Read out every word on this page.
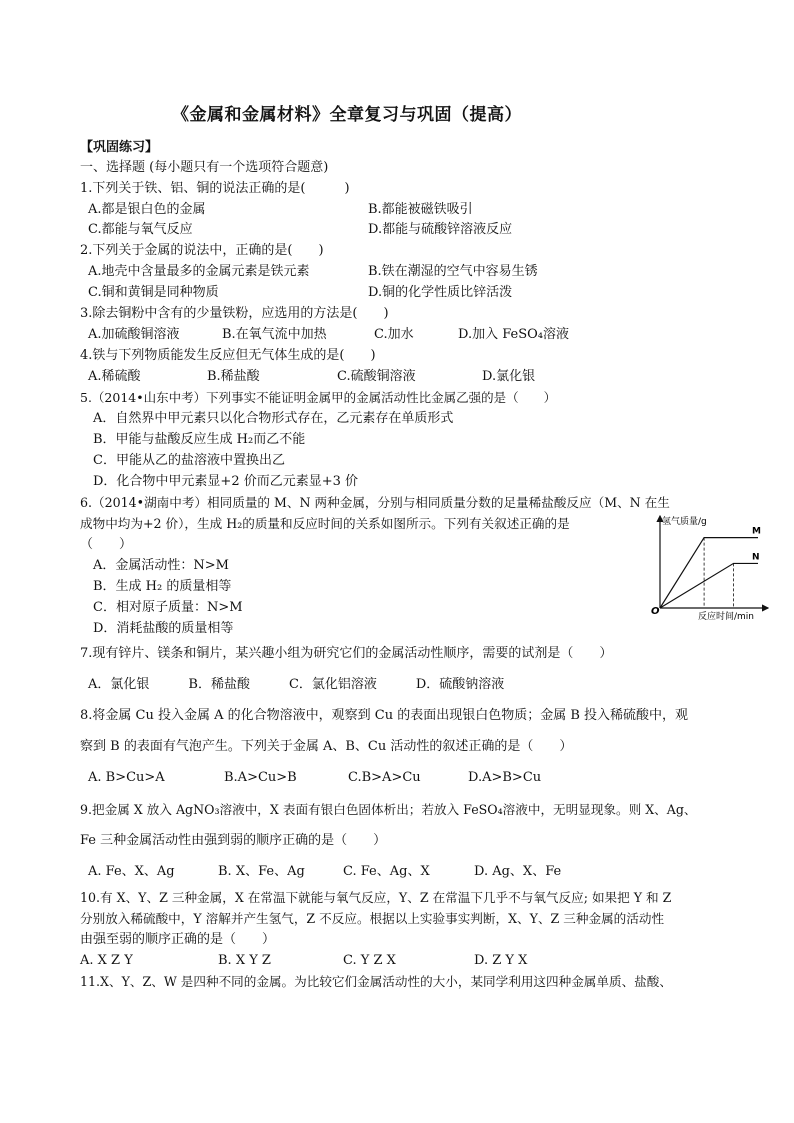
《金属和金属材料》全章复习与巩固（提高）
【巩固练习】
一、选择题 (每小题只有一个选项符合题意)
1.下列关于铁、铝、铜的说法正确的是(　　　)
A.都是银白色的金属	B.都能被磁铁吸引
C.都能与氧气反应	D.都能与硫酸锌溶液反应
2.下列关于金属的说法中，正确的是(　　)
A.地壳中含量最多的金属元素是铁元素	B.铁在潮湿的空气中容易生锈
C.铜和黄铜是同种物质	D.铜的化学性质比锌活泼
3.除去铜粉中含有的少量铁粉，应选用的方法是(　　)
A.加硫酸铜溶液	B.在氧气流中加热	C.加水	D.加入 FeSO₄溶液
4.铁与下列物质能发生反应但无气体生成的是(　　)
A.稀硫酸	B.稀盐酸	C.硫酸铜溶液	D.氯化银
5.（2014•山东中考）下列事实不能证明金属甲的金属活动性比金属乙强的是（　　）
A．自然界中甲元素只以化合物形式存在，乙元素存在单质形式
B．甲能与盐酸反应生成 H₂而乙不能
C．甲能从乙的盐溶液中置换出乙
D．化合物中甲元素显+2 价而乙元素显+3 价
6.（2014•湖南中考）相同质量的 M、N 两种金属，分别与相同质量分数的足量稀盐酸反应（M、N 在生
成物中均为+2 价），生成 H₂的质量和反应时间的关系如图所示。下列有关叙述正确的是
（　　）
A．金属活动性：N>M
B．生成 H₂ 的质量相等
C．相对原子质量：N>M
D．消耗盐酸的质量相等
氢气质量/g
反应时间/min
O
M
N
7.现有锌片、镁条和铜片，某兴趣小组为研究它们的金属活动性顺序，需要的试剂是（　　）
A．氯化银　　　B．稀盐酸　　　C．氯化铝溶液　　　D．硫酸钠溶液
8.将金属 Cu 投入金属 A 的化合物溶液中，观察到 Cu 的表面出现银白色物质；金属 B 投入稀硫酸中，观
察到 B 的表面有气泡产生。下列关于金属 A、B、Cu 活动性的叙述正确的是（　　）
A. B>Cu>A	B.A>Cu>B	C.B>A>Cu	D.A>B>Cu
9.把金属 X 放入 AgNO₃溶液中，X 表面有银白色固体析出；若放入 FeSO₄溶液中，无明显现象。则 X、Ag、
Fe 三种金属活动性由强到弱的顺序正确的是（　　）
A. Fe、X、Ag	B. X、Fe、Ag	C. Fe、Ag、X	D. Ag、X、Fe
10.有 X、Y、Z 三种金属，X 在常温下就能与氧气反应，Y、Z 在常温下几乎不与氧气反应; 如果把 Y 和 Z
分别放入稀硫酸中，Y 溶解并产生氢气，Z 不反应。根据以上实验事实判断，X、Y、Z 三种金属的活动性
由强至弱的顺序正确的是（　　）
A. X Z Y	B. X Y Z	C. Y Z X	D. Z Y X
11.X、Y、Z、W 是四种不同的金属。为比较它们金属活动性的大小，某同学利用这四种金属单质、盐酸、
